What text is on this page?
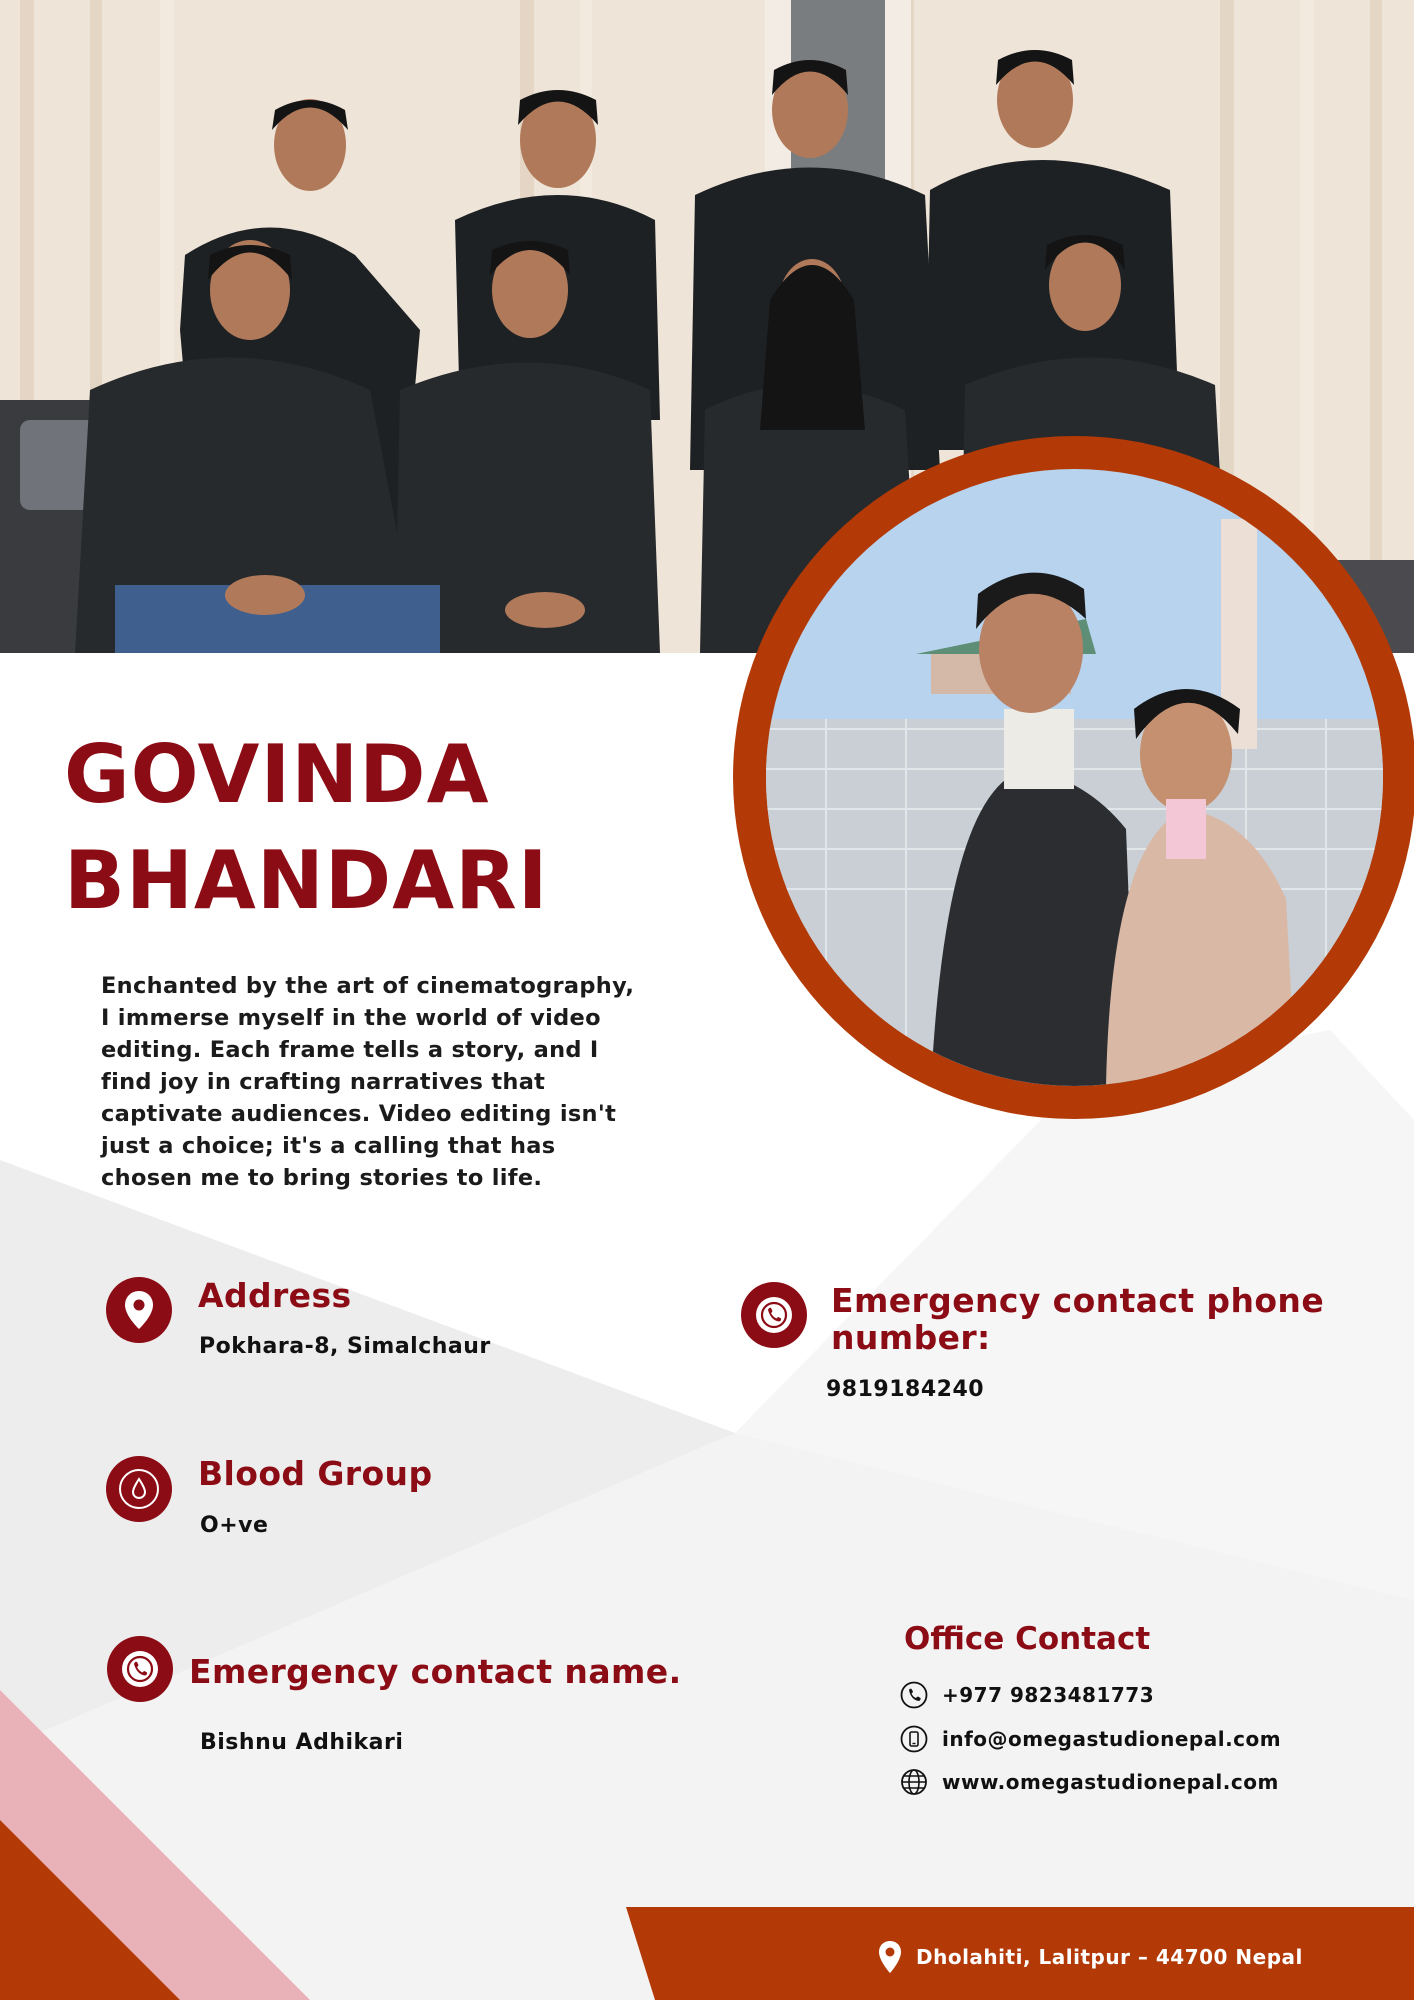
GOVINDA
BHANDARI

Enchanted by the art of cinematography, I immerse myself in the world of video editing. Each frame tells a story, and I find joy in crafting narratives that captivate audiences. Video editing isn't just a choice; it's a calling that has chosen me to bring stories to life.

Address
Pokhara-8, Simalchaur
Blood Group
O+ve
Emergency contact name.
Bishnu Adhikari
Emergency contact phone
number:
9819184240
Office Contact
+977 9823481773
info@omegastudionepal.com
www.omegastudionepal.com
Dholahiti, Lalitpur – 44700 Nepal
